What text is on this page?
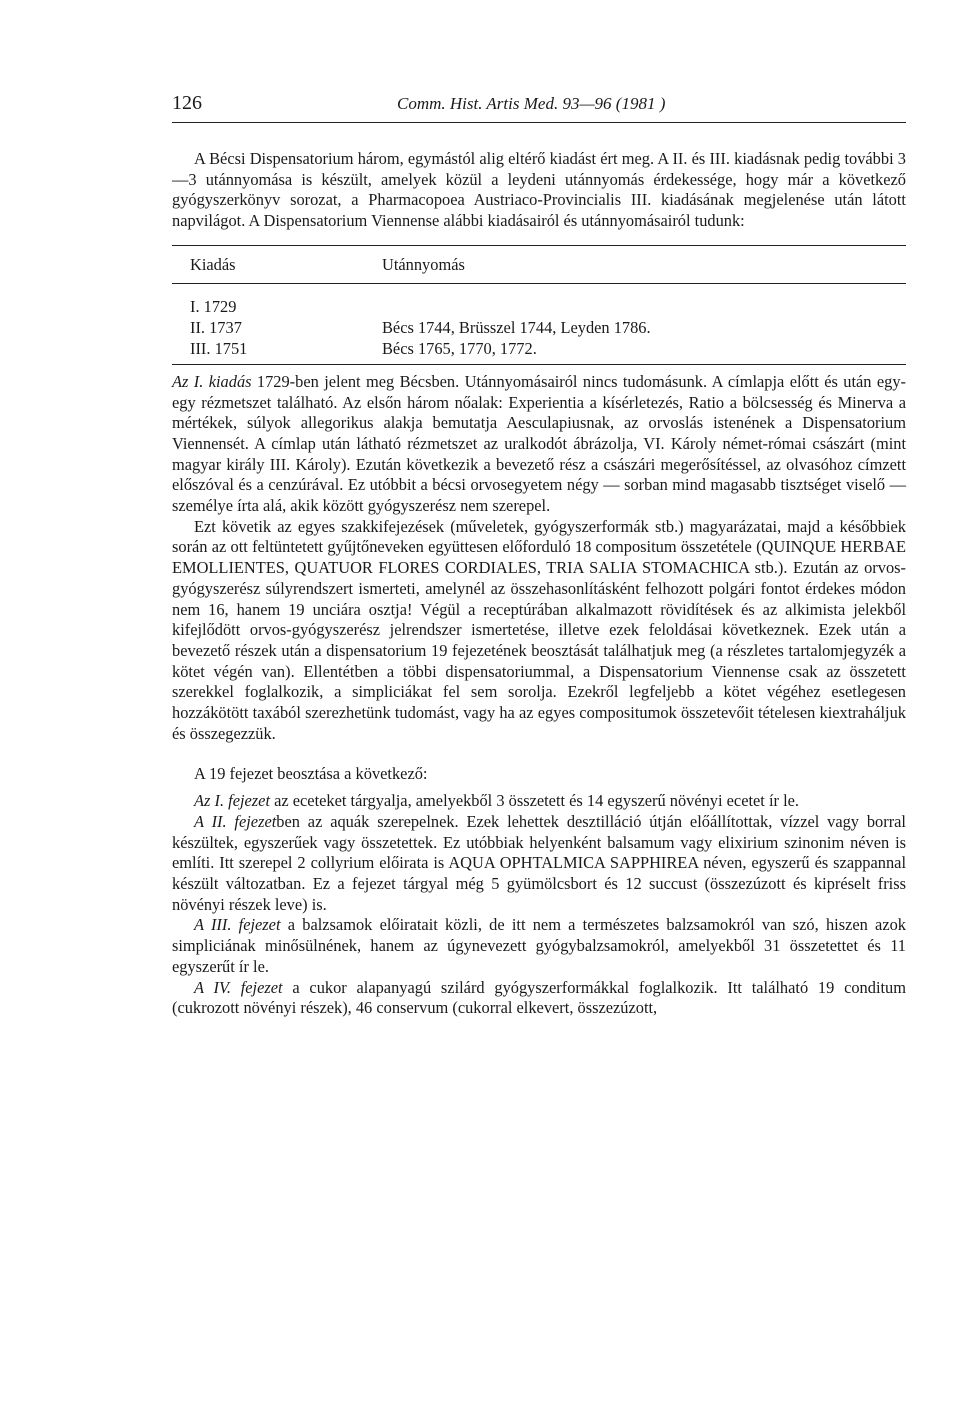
126	Comm. Hist. Artis Med. 93—96 (1981 )

A Bécsi Dispensatorium három, egymástól alig eltérő kiadást ért meg. A II. és III. kiadásnak pedig további 3—3 utánnyomása is készült, amelyek közül a leydeni utánnyomás érdekessége, hogy már a következő gyógyszerkönyv sorozat, a Pharmacopoea Austriaco-Provincialis III. kiadásának megjelenése után látott napvilágot. A Dispensatorium Viennense alábbi kiadásairól és utánnyomásairól tudunk:

Kiadás	Utánnyomás
I. 1729
II. 1737	Bécs 1744, Brüsszel 1744, Leyden 1786.
III. 1751	Bécs 1765, 1770, 1772.

Az I. kiadás 1729-ben jelent meg Bécsben. Utánnyomásairól nincs tudomásunk. A címlapja előtt és után egy-egy rézmetszet található. Az elsőn három nőalak: Experientia a kísérletezés, Ratio a bölcsesség és Minerva a mértékek, súlyok allegorikus alakja bemutatja Aesculapiusnak, az orvoslás istenének a Dispensatorium Viennensét. A címlap után látható rézmetszet az uralkodót ábrázolja, VI. Károly német-római császárt (mint magyar király III. Károly). Ezután következik a bevezető rész a császári megerősítéssel, az olvasóhoz címzett előszóval és a cenzúrával. Ez utóbbit a bécsi orvosegyetem négy — sorban mind magasabb tisztséget viselő — személye írta alá, akik között gyógyszerész nem szerepel.

Ezt követik az egyes szakkifejezések (műveletek, gyógyszerformák stb.) magyarázatai, majd a későbbiek során az ott feltüntetett gyűjtőneveken együttesen előforduló 18 compositum összetétele (QUINQUE HERBAE EMOLLIENTES, QUATUOR FLORES CORDIALES, TRIA SALIA STOMACHICA stb.). Ezután az orvos-gyógyszerész súlyrendszert ismerteti, amelynél az összehasonlításként felhozott polgári fontot érdekes módon nem 16, hanem 19 unciára osztja! Végül a receptúrában alkalmazott rövidítések és az alkimista jelekből kifejlődött orvos-gyógyszerész jelrendszer ismertetése, illetve ezek feloldásai következnek. Ezek után a bevezető részek után a dispensatorium 19 fejezetének beosztását találhatjuk meg (a részletes tartalomjegyzék a kötet végén van). Ellentétben a többi dispensatoriummal, a Dispensatorium Viennense csak az összetett szerekkel foglalkozik, a simpliciákat fel sem sorolja. Ezekről legfeljebb a kötet végéhez esetlegesen hozzákötött taxából szerezhetünk tudomást, vagy ha az egyes compositumok összetevőit tételesen kiextraháljuk és összegezzük.

A 19 fejezet beosztása a következő:

Az I. fejezet az eceteket tárgyalja, amelyekből 3 összetett és 14 egyszerű növényi ecetet ír le.

A II. fejezetben az aquák szerepelnek. Ezek lehettek desztilláció útján előállítottak, vízzel vagy borral készültek, egyszerűek vagy összetettek. Ez utóbbiak helyenként balsamum vagy elixirium szinonim néven is említi. Itt szerepel 2 collyrium előirata is AQUA OPHTALMICA SAPPHIREA néven, egyszerű és szappannal készült változatban. Ez a fejezet tárgyal még 5 gyümölcsbort és 12 succust (összezúzott és kipréselt friss növényi részek leve) is.

A III. fejezet a balzsamok előiratait közli, de itt nem a természetes balzsamokról van szó, hiszen azok simpliciának minősülnének, hanem az úgynevezett gyógybalzsamokról, amelyekből 31 összetettet és 11 egyszerűt ír le.

A IV. fejezet a cukor alapanyagú szilárd gyógyszerformákkal foglalkozik. Itt található 19 conditum (cukrozott növényi részek), 46 conservum (cukorral elkevert, összezúzott,
